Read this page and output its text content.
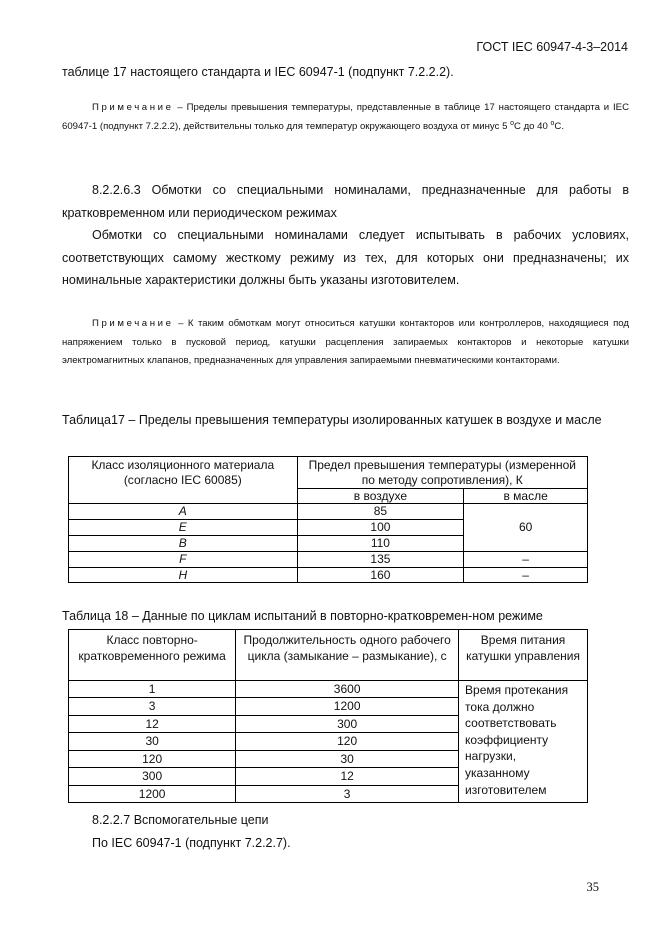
ГОСТ IEC 60947-4-3–2014
таблице 17 настоящего стандарта и IEC 60947-1 (подпункт 7.2.2.2).
Примечание – Пределы превышения температуры, представленные в таблице 17 настоящего стандарта и IEC 60947-1 (подпункт 7.2.2.2), действительны только для температур окружающего воздуха от минус 5 $^o$С до 40 $^o$С.
8.2.2.6.3 Обмотки со специальными номиналами, предназначенные для работы в кратковременном или периодическом режимах
Обмотки со специальными номиналами следует испытывать в рабочих условиях, соответствующих самому жесткому режиму из тех, для которых они предназначены; их номинальные характеристики должны быть указаны изготовителем.
Примечание – К таким обмоткам могут относиться катушки контакторов или контроллеров, находящиеся под напряжением только в пусковой период, катушки расцепления запираемых контакторов и некоторые катушки электромагнитных клапанов, предназначенных для управления запираемыми пневматическими контакторами.
Таблица17 – Пределы превышения температуры изолированных катушек в воздухе и масле
Класс изоляционного материала (согласно IEC 60085)	Предел превышения температуры (измеренной по методу сопротивления), К	
	в воздухе	в масле
A	85	60
E	100	
B	110	
F	135	–
H	160	–
Таблица 18 – Данные по циклам испытаний в повторно-кратковремен-ном режиме
Класс повторно-кратковременного режима	Продолжительность одного рабочего цикла (замыкание – размыкание), с	Время питания катушки управления
1	3600	Время протекания тока должно соответствовать коэффициенту нагрузки, указанному изготовителем
3	1200	
12	300	
30	120	
120	30	
300	12	
1200	3	
8.2.2.7 Вспомогательные цепи
По IEC 60947-1 (подпункт 7.2.2.7).
35
